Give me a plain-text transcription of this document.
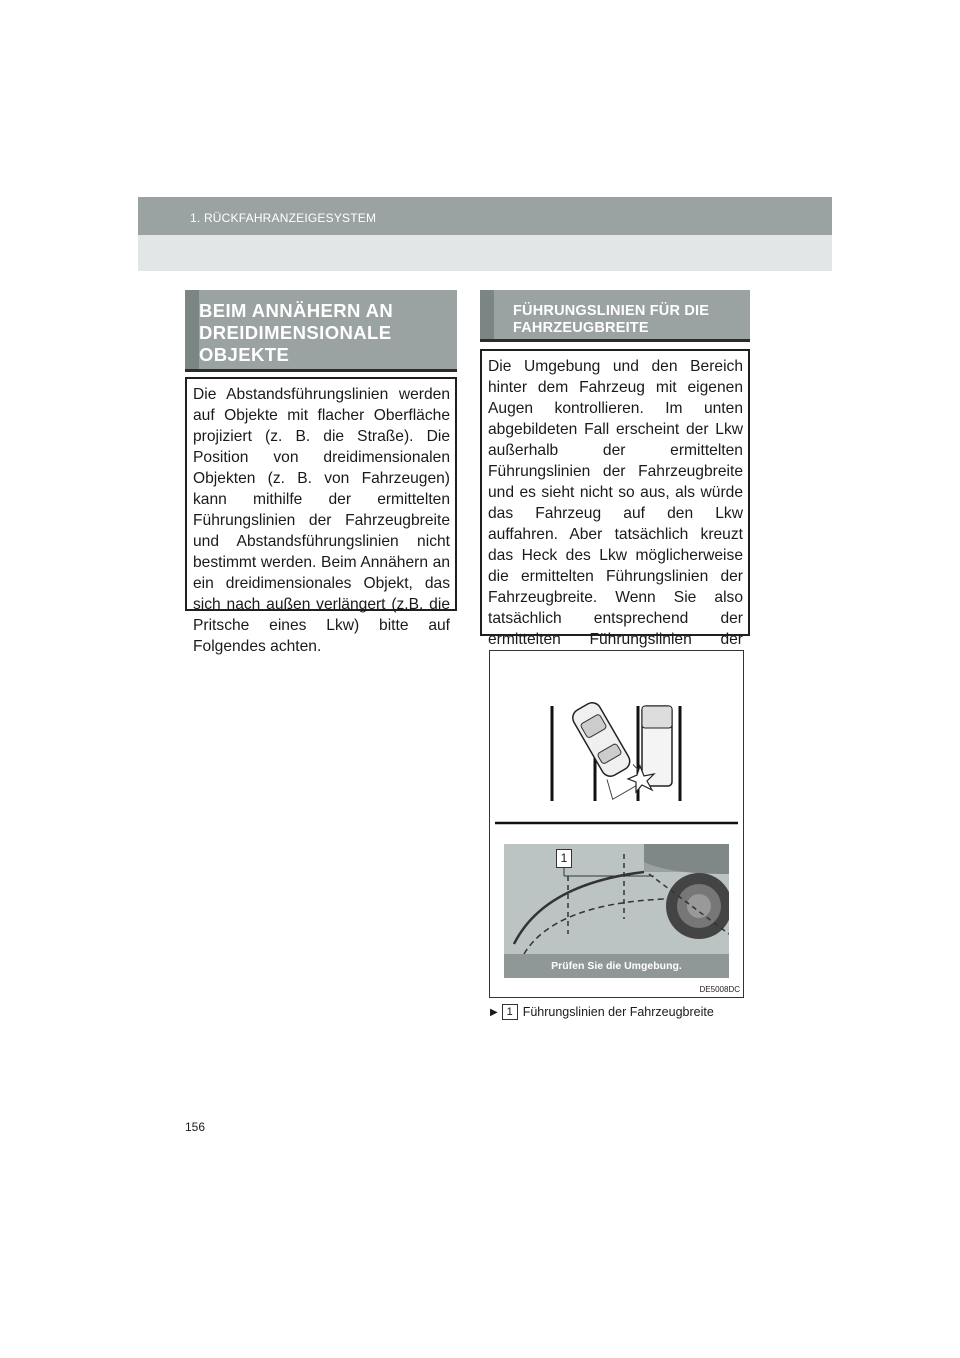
1. RÜCKFAHRANZEIGESYSTEM
BEIM ANNÄHERN AN DREIDIMENSIONALE OBJEKTE
Die Abstandsführungslinien werden auf Objekte mit flacher Oberfläche projiziert (z. B. die Straße). Die Position von dreidimensionalen Objekten (z. B. von Fahrzeugen) kann mithilfe der ermittelten Führungslinien der Fahrzeugbreite und Abstandsführungslinien nicht bestimmt werden. Beim Annähern an ein dreidimensionales Objekt, das sich nach außen verlängert (z.B. die Pritsche eines Lkw) bitte auf Folgendes achten.
FÜHRUNGSLINIEN FÜR DIE FAHRZEUGBREITE
Die Umgebung und den Bereich hinter dem Fahrzeug mit eigenen Augen kontrollieren. Im unten abgebildeten Fall erscheint der Lkw außerhalb der ermittelten Führungslinien der Fahrzeugbreite und es sieht nicht so aus, als würde das Fahrzeug auf den Lkw auffahren. Aber tatsächlich kreuzt das Heck des Lkw möglicherweise die ermittelten Führungslinien der Fahrzeugbreite. Wenn Sie also tatsächlich entsprechend der ermittelten Führungslinien der
1
Prüfen Sie die Umgebung.
DE5008DC
▶ 1 Führungslinien der Fahrzeugbreite
156
